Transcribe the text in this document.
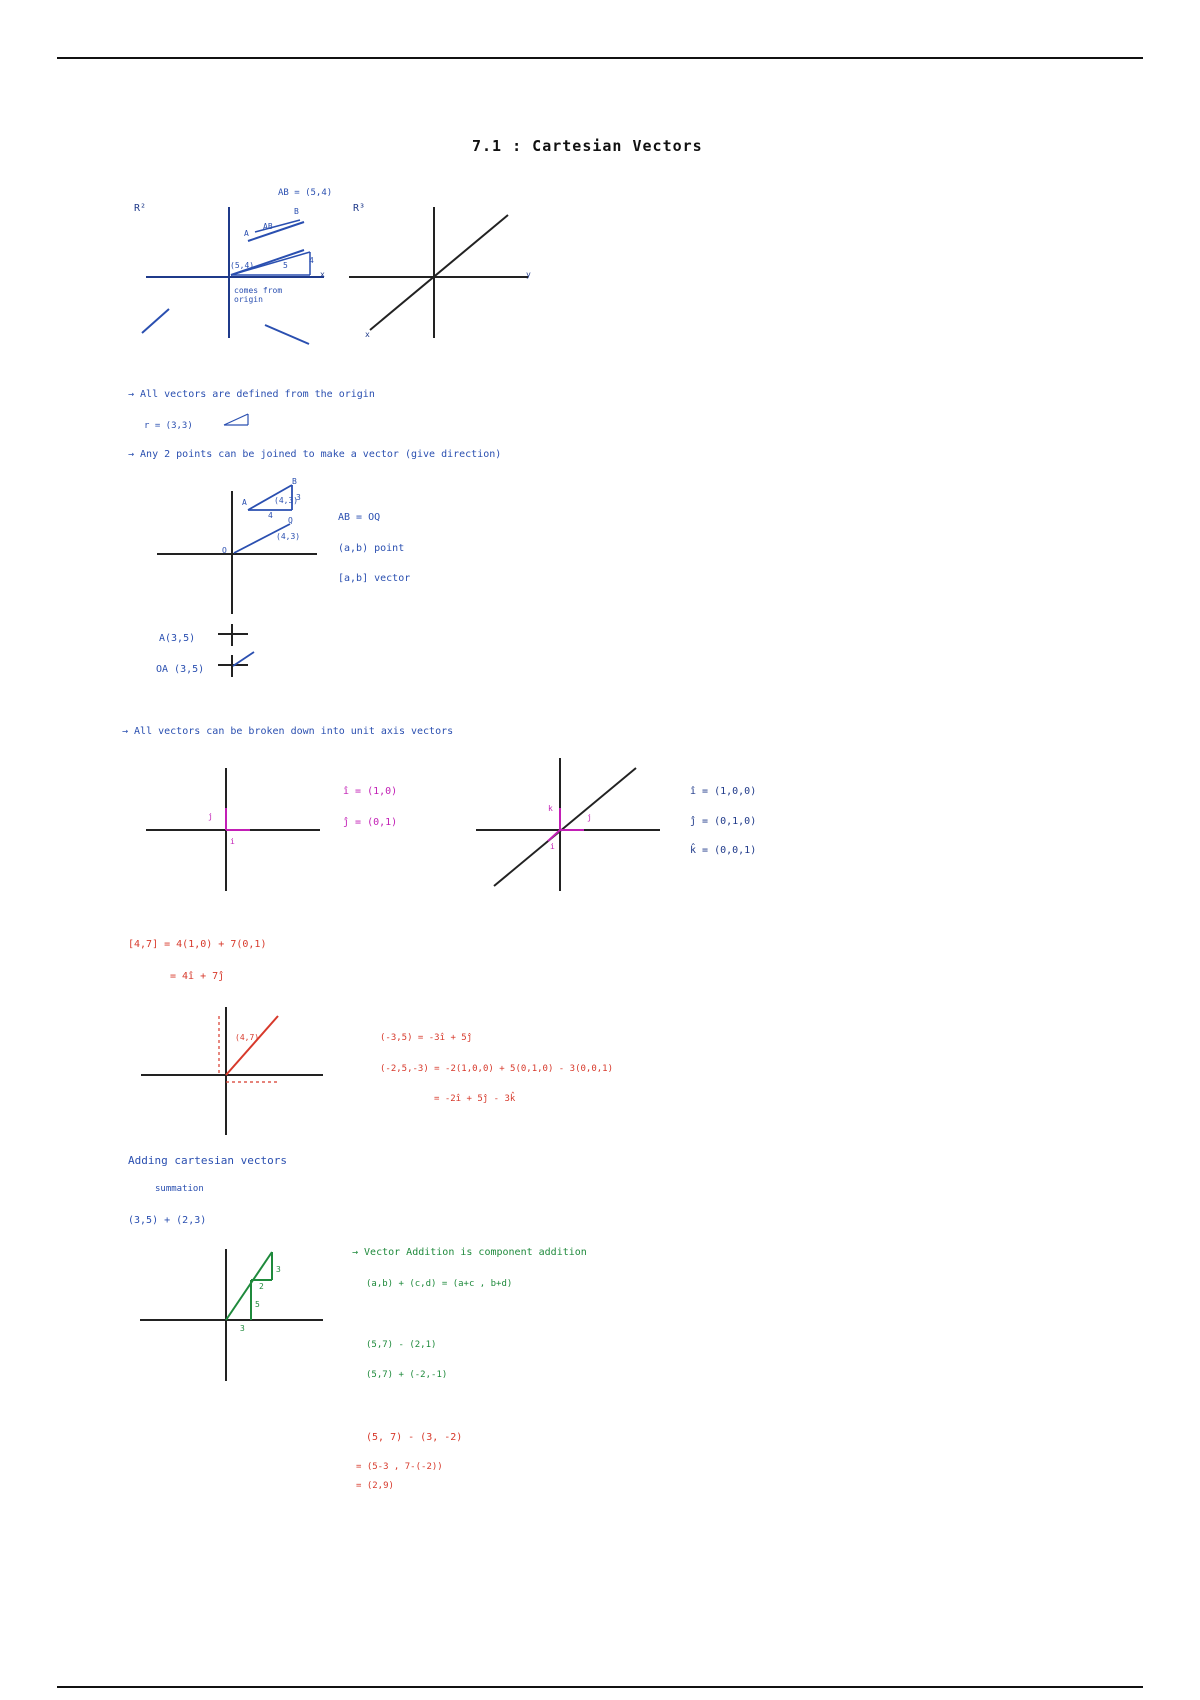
7.1 : Cartesian Vectors
R²
AB = (5,4)
AB
A
B
5
4
(5,4)
comes from origin
x
R³
y
x
→ All vectors are defined from the origin
r = (3,3)
→ Any 2 points can be joined to make a vector (give direction)
A
B
O
Q
(4,3)
(4,3)
4
3
AB = OQ
(a,b) point
[a,b] vector
A(3,5)
OA (3,5)
→ All vectors can be broken down into unit axis vectors
j
i
k
j
i
î = (1,0)
ĵ = (0,1)
î = (1,0,0)
ĵ = (0,1,0)
k̂ = (0,0,1)
[4,7] = 4(1,0) + 7(0,1)
= 4î + 7ĵ
(4,7)	(-3,5) = -3î + 5ĵ
(-2,5,-3) = -2(1,0,0) + 5(0,1,0) - 3(0,0,1)
= -2î + 5ĵ - 3k̂
Adding cartesian vectors
summation
(3,5) + (2,3)
3
2
5
3
→ Vector Addition is component addition
(a,b) + (c,d) = (a+c , b+d)
(5,7) - (2,1)
(5,7) + (-2,-1)
(5, 7) - (3, -2)
= (5-3 , 7-(-2))
= (2,9)
